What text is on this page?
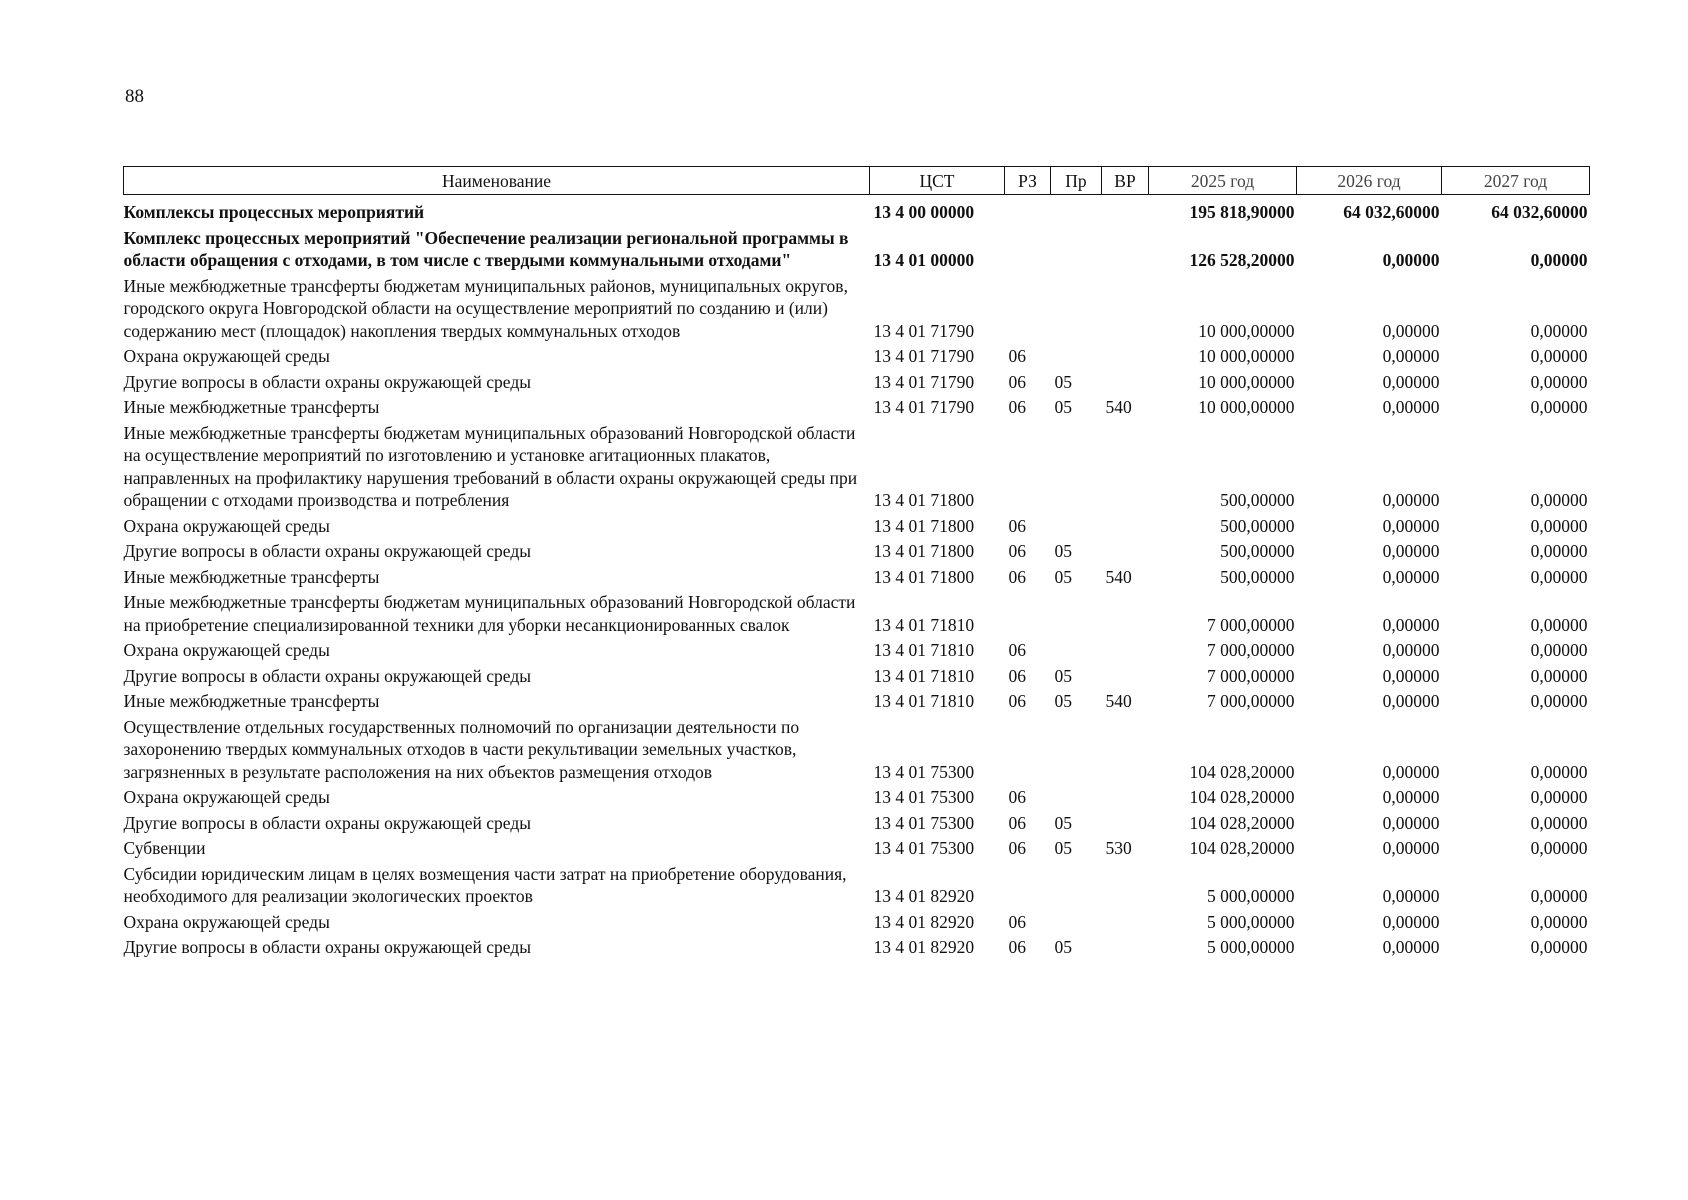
88
Наименование	ЦСТ	РЗ	Пр	ВР	2025 год	2026 год	2027 год
Комплексы процессных мероприятий	13 4 00 00000				195 818,90000	64 032,60000	64 032,60000
Комплекс процессных мероприятий "Обеспечение реализации региональной программы в области обращения с отходами, в том числе с твердыми коммунальными отходами"	13 4 01 00000				126 528,20000	0,00000	0,00000
Иные межбюджетные трансферты бюджетам муниципальных районов, муниципальных округов, городского округа Новгородской области на осуществление мероприятий по созданию и (или) содержанию мест (площадок) накопления твердых коммунальных отходов	13 4 01 71790				10 000,00000	0,00000	0,00000
Охрана окружающей среды	13 4 01 71790	06			10 000,00000	0,00000	0,00000
Другие вопросы в области охраны окружающей среды	13 4 01 71790	06	05		10 000,00000	0,00000	0,00000
Иные межбюджетные трансферты	13 4 01 71790	06	05	540	10 000,00000	0,00000	0,00000
Иные межбюджетные трансферты бюджетам муниципальных образований Новгородской области на осуществление мероприятий по изготовлению и установке агитационных плакатов, направленных на профилактику нарушения требований в области охраны окружающей среды при обращении с отходами производства и потребления	13 4 01 71800				500,00000	0,00000	0,00000
Охрана окружающей среды	13 4 01 71800	06			500,00000	0,00000	0,00000
Другие вопросы в области охраны окружающей среды	13 4 01 71800	06	05		500,00000	0,00000	0,00000
Иные межбюджетные трансферты	13 4 01 71800	06	05	540	500,00000	0,00000	0,00000
Иные межбюджетные трансферты бюджетам муниципальных образований Новгородской области на приобретение специализированной техники для уборки несанкционированных свалок	13 4 01 71810				7 000,00000	0,00000	0,00000
Охрана окружающей среды	13 4 01 71810	06			7 000,00000	0,00000	0,00000
Другие вопросы в области охраны окружающей среды	13 4 01 71810	06	05		7 000,00000	0,00000	0,00000
Иные межбюджетные трансферты	13 4 01 71810	06	05	540	7 000,00000	0,00000	0,00000
Осуществление отдельных государственных полномочий по организации деятельности по захоронению твердых коммунальных отходов в части рекультивации земельных участков, загрязненных в результате расположения на них объектов размещения отходов	13 4 01 75300				104 028,20000	0,00000	0,00000
Охрана окружающей среды	13 4 01 75300	06			104 028,20000	0,00000	0,00000
Другие вопросы в области охраны окружающей среды	13 4 01 75300	06	05		104 028,20000	0,00000	0,00000
Субвенции	13 4 01 75300	06	05	530	104 028,20000	0,00000	0,00000
Субсидии юридическим лицам в целях возмещения части затрат на приобретение оборудования, необходимого для реализации экологических проектов	13 4 01 82920				5 000,00000	0,00000	0,00000
Охрана окружающей среды	13 4 01 82920	06			5 000,00000	0,00000	0,00000
Другие вопросы в области охраны окружающей среды	13 4 01 82920	06	05		5 000,00000	0,00000	0,00000
